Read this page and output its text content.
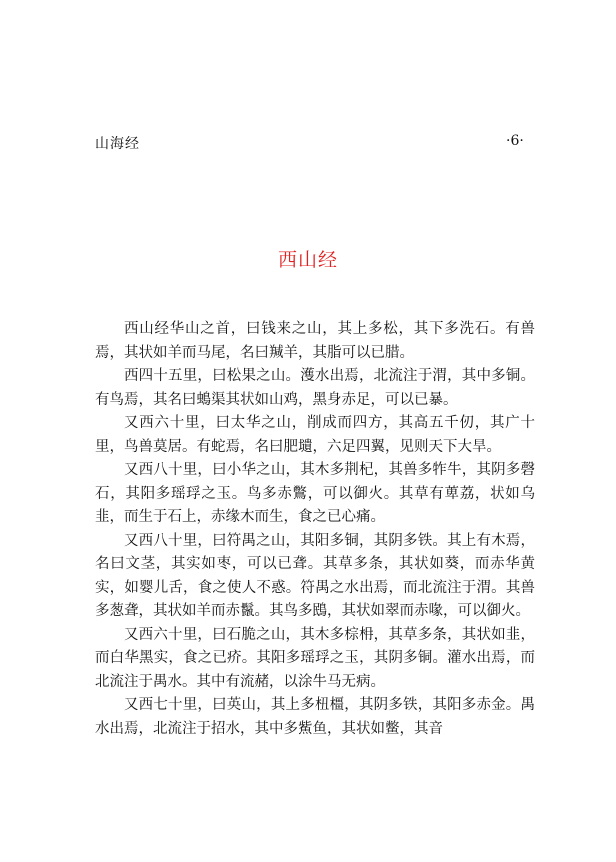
山海经	·6·
西山经

西山经华山之首，曰钱来之山，其上多松，其下多洗石。有兽焉，其状如羊而马尾，名曰羬羊，其脂可以已腊。

西四十五里，曰松果之山。濩水出焉，北流注于渭，其中多铜。有鸟焉，其名曰䳋渠其状如山鸡，黑身赤足，可以已暴。

又西六十里，曰太华之山，削成而四方，其高五千仞，其广十里，鸟兽莫居。有蛇焉，名曰肥壝，六足四翼，见则天下大旱。

又西八十里，曰小华之山，其木多荆杞，其兽多㸲牛，其阴多磬石，其阳多瑶琈之玉。鸟多赤鷩，可以御火。其草有萆荔，状如乌韭，而生于石上，赤缘木而生，食之已心痛。

又西八十里，曰符禺之山，其阳多铜，其阴多铁。其上有木焉，名曰文茎，其实如枣，可以已聋。其草多条，其状如葵，而赤华黄实，如婴儿舌，食之使人不惑。符禺之水出焉，而北流注于渭。其兽多葱聋，其状如羊而赤鬣。其鸟多鴖，其状如翠而赤喙，可以御火。

又西六十里，曰石脆之山，其木多棕枏，其草多条，其状如韭，而白华黑实，食之已疥。其阳多瑶琈之玉，其阴多铜。灌水出焉，而北流注于禺水。其中有流赭，以涂牛马无病。

又西七十里，曰英山，其上多杻橿，其阴多铁，其阳多赤金。禺水出焉，北流注于招水，其中多鮆鱼，其状如鳖，其音
